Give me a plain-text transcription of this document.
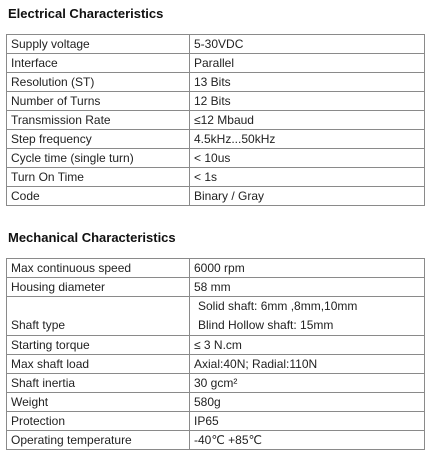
Electrical Characteristics
Supply voltage	5-30VDC
Interface	Parallel
Resolution (ST)	13 Bits
Number of Turns	12 Bits
Transmission Rate	≤12 Mbaud
Step frequency	4.5kHz...50kHz
Cycle time (single turn)	< 10us
Turn On Time	< 1s
Code	Binary / Gray
Mechanical Characteristics
Max continuous speed	6000 rpm
Housing diameter	58 mm

Shaft type	Solid shaft: 6mm ,8mm,10mm
Blind Hollow shaft: 15mm

Starting torque	≤ 3 N.cm
Max shaft load	Axial:40N; Radial:110N
Shaft inertia	30 gcm²
Weight	580g
Protection	IP65
Operating temperature	-40℃ +85℃
